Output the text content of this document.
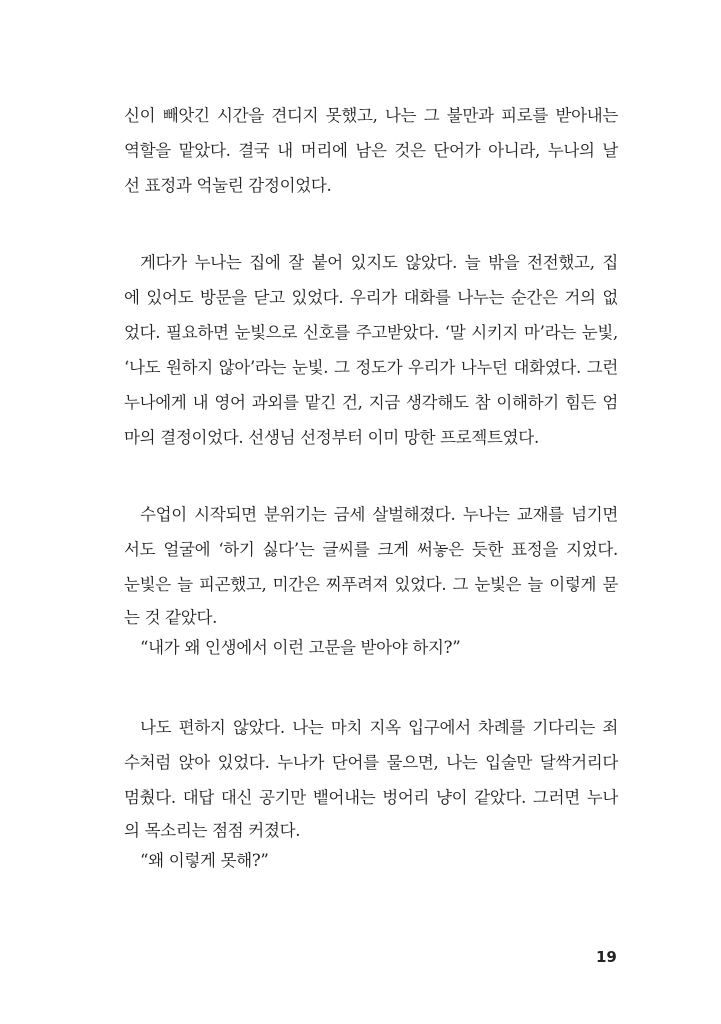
신이 빼앗긴 시간을 견디지 못했고, 나는 그 불만과 피로를 받아내는
역할을 맡았다. 결국 내 머리에 남은 것은 단어가 아니라, 누나의 날
선 표정과 억눌린 감정이었다.
게다가 누나는 집에 잘 붙어 있지도 않았다. 늘 밖을 전전했고, 집
에 있어도 방문을 닫고 있었다. 우리가 대화를 나누는 순간은 거의 없
었다. 필요하면 눈빛으로 신호를 주고받았다. ‘말 시키지 마’라는 눈빛,
‘나도 원하지 않아’라는 눈빛. 그 정도가 우리가 나누던 대화였다. 그런
누나에게 내 영어 과외를 맡긴 건, 지금 생각해도 참 이해하기 힘든 엄
마의 결정이었다. 선생님 선정부터 이미 망한 프로젝트였다.
수업이 시작되면 분위기는 금세 살벌해졌다. 누나는 교재를 넘기면
서도 얼굴에 ‘하기 싫다’는 글씨를 크게 써놓은 듯한 표정을 지었다.
눈빛은 늘 피곤했고, 미간은 찌푸려져 있었다. 그 눈빛은 늘 이렇게 묻
는 것 같았다.
“내가 왜 인생에서 이런 고문을 받아야 하지?”
나도 편하지 않았다. 나는 마치 지옥 입구에서 차례를 기다리는 죄
수처럼 앉아 있었다. 누나가 단어를 물으면, 나는 입술만 달싹거리다
멈췄다. 대답 대신 공기만 뱉어내는 벙어리 냥이 같았다. 그러면 누나
의 목소리는 점점 커졌다.
“왜 이렇게 못해?”
19
